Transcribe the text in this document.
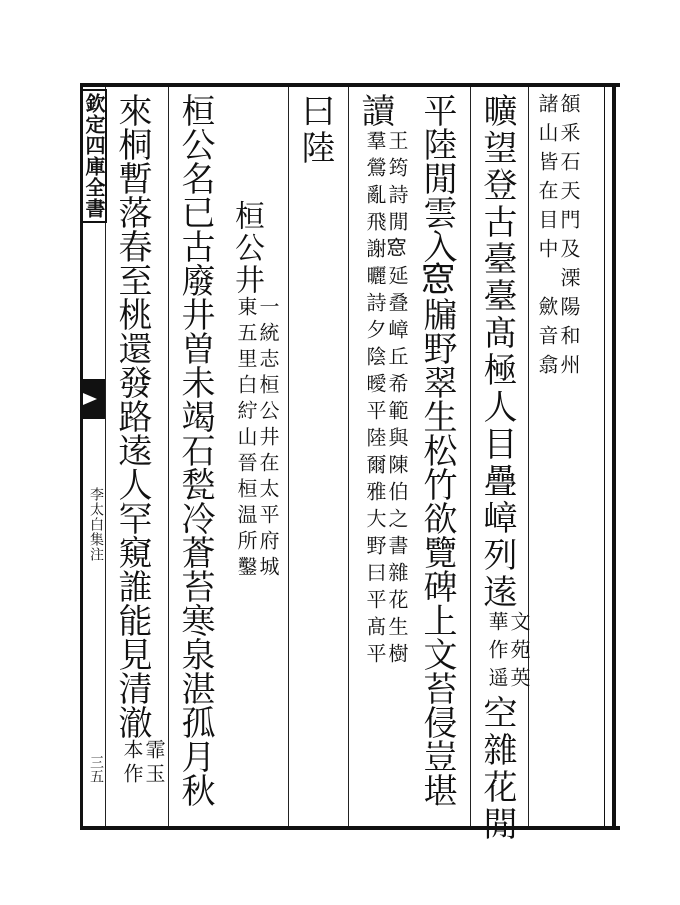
欽定四庫全書
李太白集注
三五
頟釆石天門及溧陽和州
諸山皆在目中　歛音翕
曠望登古臺臺髙極人目疊嶂列逺文苑英
華作遥空雜花閒
平陸閒雲入𥦗牖野翠生松竹欲覽碑上文苔侵豈堪
讀王筠詩閒𥦗延叠嶂丘希範與陳伯之書雜花生樹
羣鶯亂飛謝曬詩夕陰曖平陸爾雅大野曰平髙平
曰陸
桓公井一統志桓公井在太平府城
東五里白紵山晉桓温所鑿
桓公名已古廢井曽未竭石甃冷蒼苔寒泉湛孤月秋
來桐暫落春至桃還發路逺人罕窺誰能見清澈霏玉
本作
